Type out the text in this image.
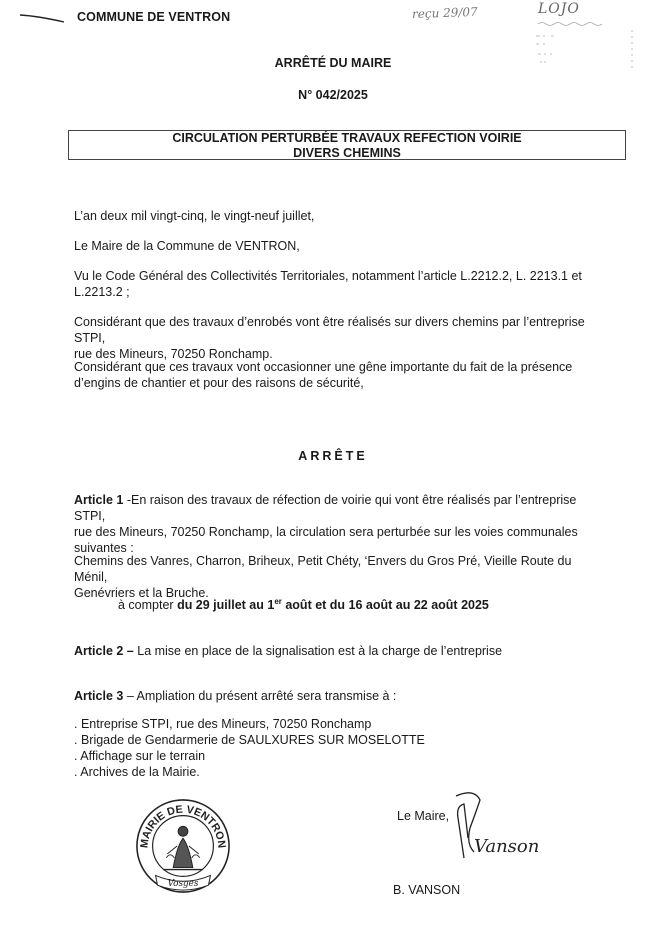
COMMUNE DE VENTRON	reçu 29/07	LOJO
ARRÊTÉ DU MAIRE
N° 042/2025
CIRCULATION PERTURBÉE TRAVAUX REFECTION VOIRIE
DIVERS CHEMINS
L’an deux mil vingt-cinq, le vingt-neuf juillet,
Le Maire de la Commune de VENTRON,
Vu le Code Général des Collectivités Territoriales, notamment l’article L.2212.2, L. 2213.1 et
L.2213.2 ;
Considérant que des travaux d’enrobés vont être réalisés sur divers chemins par l’entreprise STPI,
rue des Mineurs, 70250 Ronchamp.
Considérant que ces travaux vont occasionner une gêne importante du fait de la présence
d’engins de chantier et pour des raisons de sécurité,
ARRÊTE
Article 1 -En raison des travaux de réfection de voirie qui vont être réalisés par l’entreprise STPI,
rue des Mineurs, 70250 Ronchamp, la circulation sera perturbée sur les voies communales
suivantes :
Chemins des Vanres, Charron, Briheux, Petit Chéty, ‘Envers du Gros Pré, Vieille Route du Ménil,
Genévriers et la Bruche.
à compter du 29 juillet au 1er août et du 16 août au 22 août 2025
Article 2 – La mise en place de la signalisation est à la charge de l’entreprise
Article 3 – Ampliation du présent arrêté sera transmise à :
. Entreprise STPI, rue des Mineurs, 70250 Ronchamp
. Brigade de Gendarmerie de SAULXURES SUR MOSELOTTE
. Affichage sur le terrain
. Archives de la Mairie.
MAIRIE DE VENTRON
Vosges
Vanson
Le Maire,
B. VANSON
